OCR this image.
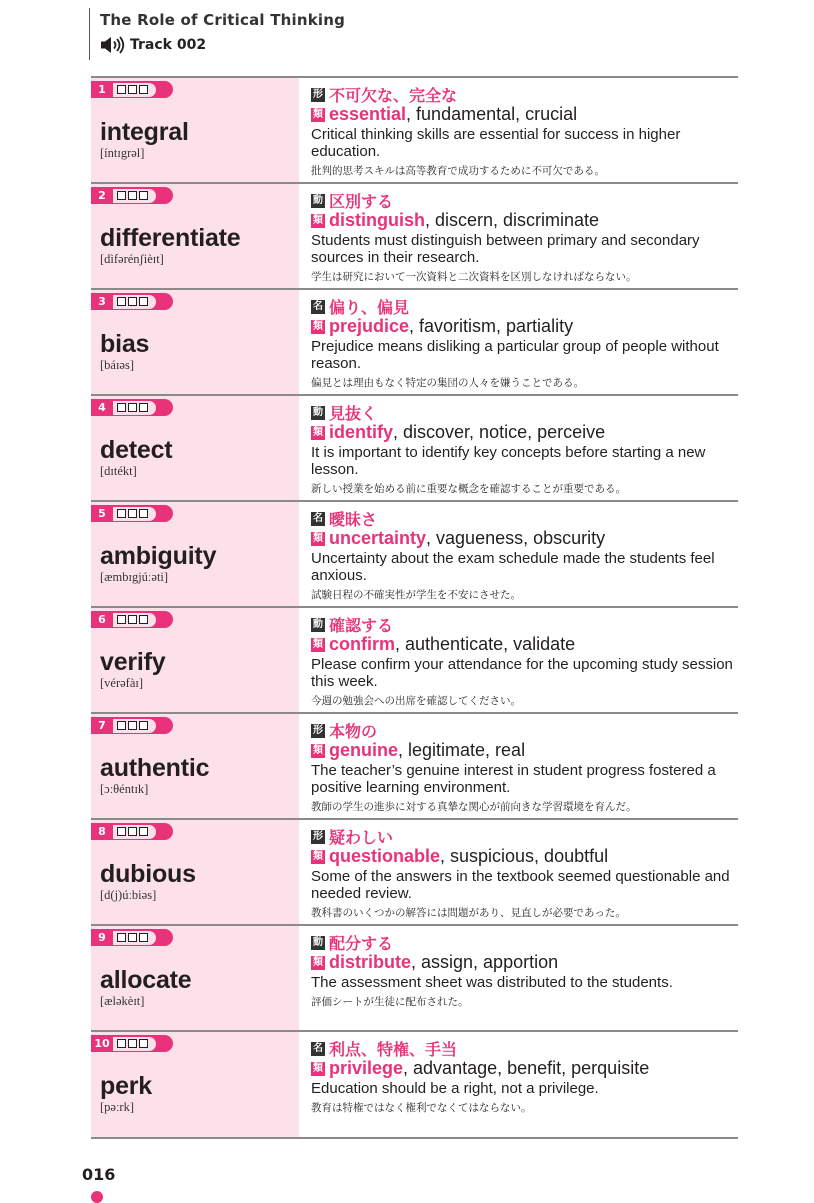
The Role of Critical Thinking
Track 002
1
integral
[íntɪgrəl]
形 不可欠な、完全な
類 essential , fundamental, crucial
Critical thinking skills are essential for success in higher education.
批判的思考スキルは高等教育で成功するために不可欠である。
2
differentiate
[dìfərénʃièɪt]
動 区別する
類 distinguish , discern, discriminate
Students must distinguish between primary and secondary sources in their research.
学生は研究において一次資料と二次資料を区別しなければならない。
3
bias
[báɪəs]
名 偏り、偏見
類 prejudice , favoritism, partiality
Prejudice means disliking a particular group of people without reason.
偏見とは理由もなく特定の集団の人々を嫌うことである。
4
detect
[dɪtékt]
動 見抜く
類 identify , discover, notice, perceive
It is important to identify key concepts before starting a new lesson.
新しい授業を始める前に重要な概念を確認することが重要である。
5
ambiguity
[æmbɪgjúːəti]
名 曖昧さ
類 uncertainty , vagueness, obscurity
Uncertainty about the exam schedule made the students feel anxious.
試験日程の不確実性が学生を不安にさせた。
6
verify
[vérəfàɪ]
動 確認する
類 confirm , authenticate, validate
Please confirm your attendance for the upcoming study session this week.
今週の勉強会への出席を確認してください。
7
authentic
[ɔːθéntɪk]
形 本物の
類 genuine , legitimate, real
The teacher’s genuine interest in student progress fostered a positive learning environment.
教師の学生の進歩に対する真摯な関心が前向きな学習環境を育んだ。
8
dubious
[d(j)úːbiəs]
形 疑わしい
類 questionable , suspicious, doubtful
Some of the answers in the textbook seemed questionable and needed review.
教科書のいくつかの解答には問題があり、見直しが必要であった。
9
allocate
[æləkèɪt]
動 配分する
類 distribute , assign, apportion
The assessment sheet was distributed to the students.
評価シートが生徒に配布された。
10
perk
[pəːrk]
名 利点、特権、手当
類 privilege , advantage, benefit, perquisite
Education should be a right, not a privilege.
教育は特権ではなく権利でなくてはならない。
016
